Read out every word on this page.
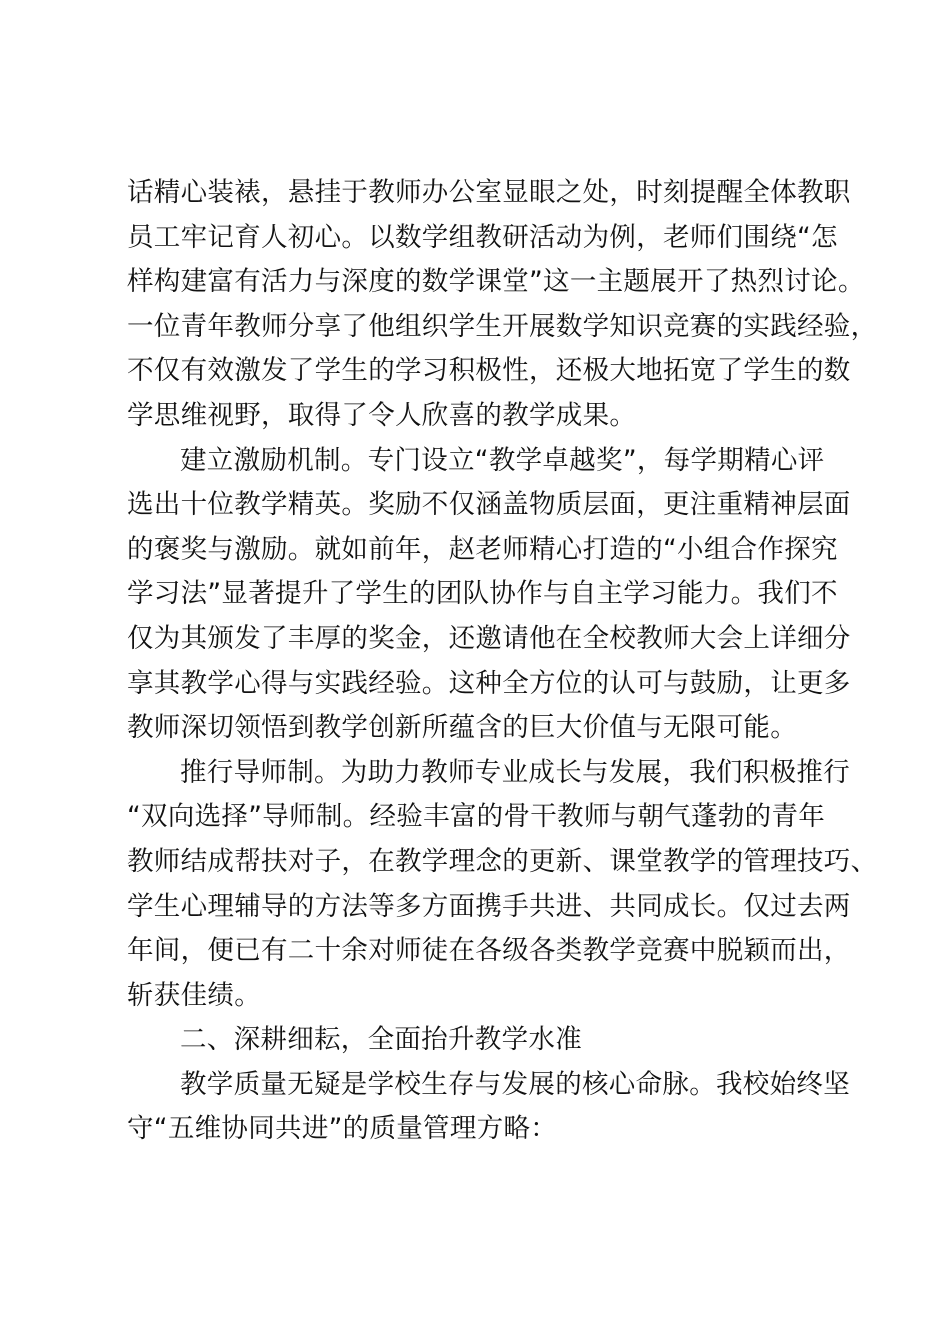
话精心装裱，悬挂于教师办公室显眼之处，时刻提醒全体教职
员工牢记育人初心。以数学组教研活动为例，老师们围绕“怎
样构建富有活力与深度的数学课堂”这一主题展开了热烈讨论。
一位青年教师分享了他组织学生开展数学知识竞赛的实践经验，
不仅有效激发了学生的学习积极性，还极大地拓宽了学生的数
学思维视野，取得了令人欣喜的教学成果。

建立激励机制。专门设立“教学卓越奖”，每学期精心评
选出十位教学精英。奖励不仅涵盖物质层面，更注重精神层面
的褒奖与激励。就如前年，赵老师精心打造的“小组合作探究
学习法”显著提升了学生的团队协作与自主学习能力。我们不
仅为其颁发了丰厚的奖金，还邀请他在全校教师大会上详细分
享其教学心得与实践经验。这种全方位的认可与鼓励，让更多
教师深切领悟到教学创新所蕴含的巨大价值与无限可能。

推行导师制。为助力教师专业成长与发展，我们积极推行
“双向选择”导师制。经验丰富的骨干教师与朝气蓬勃的青年
教师结成帮扶对子，在教学理念的更新、课堂教学的管理技巧、
学生心理辅导的方法等多方面携手共进、共同成长。仅过去两
年间，便已有二十余对师徒在各级各类教学竞赛中脱颖而出，
斩获佳绩。

二、深耕细耘，全面抬升教学水准

教学质量无疑是学校生存与发展的核心命脉。我校始终坚
守“五维协同共进”的质量管理方略：
